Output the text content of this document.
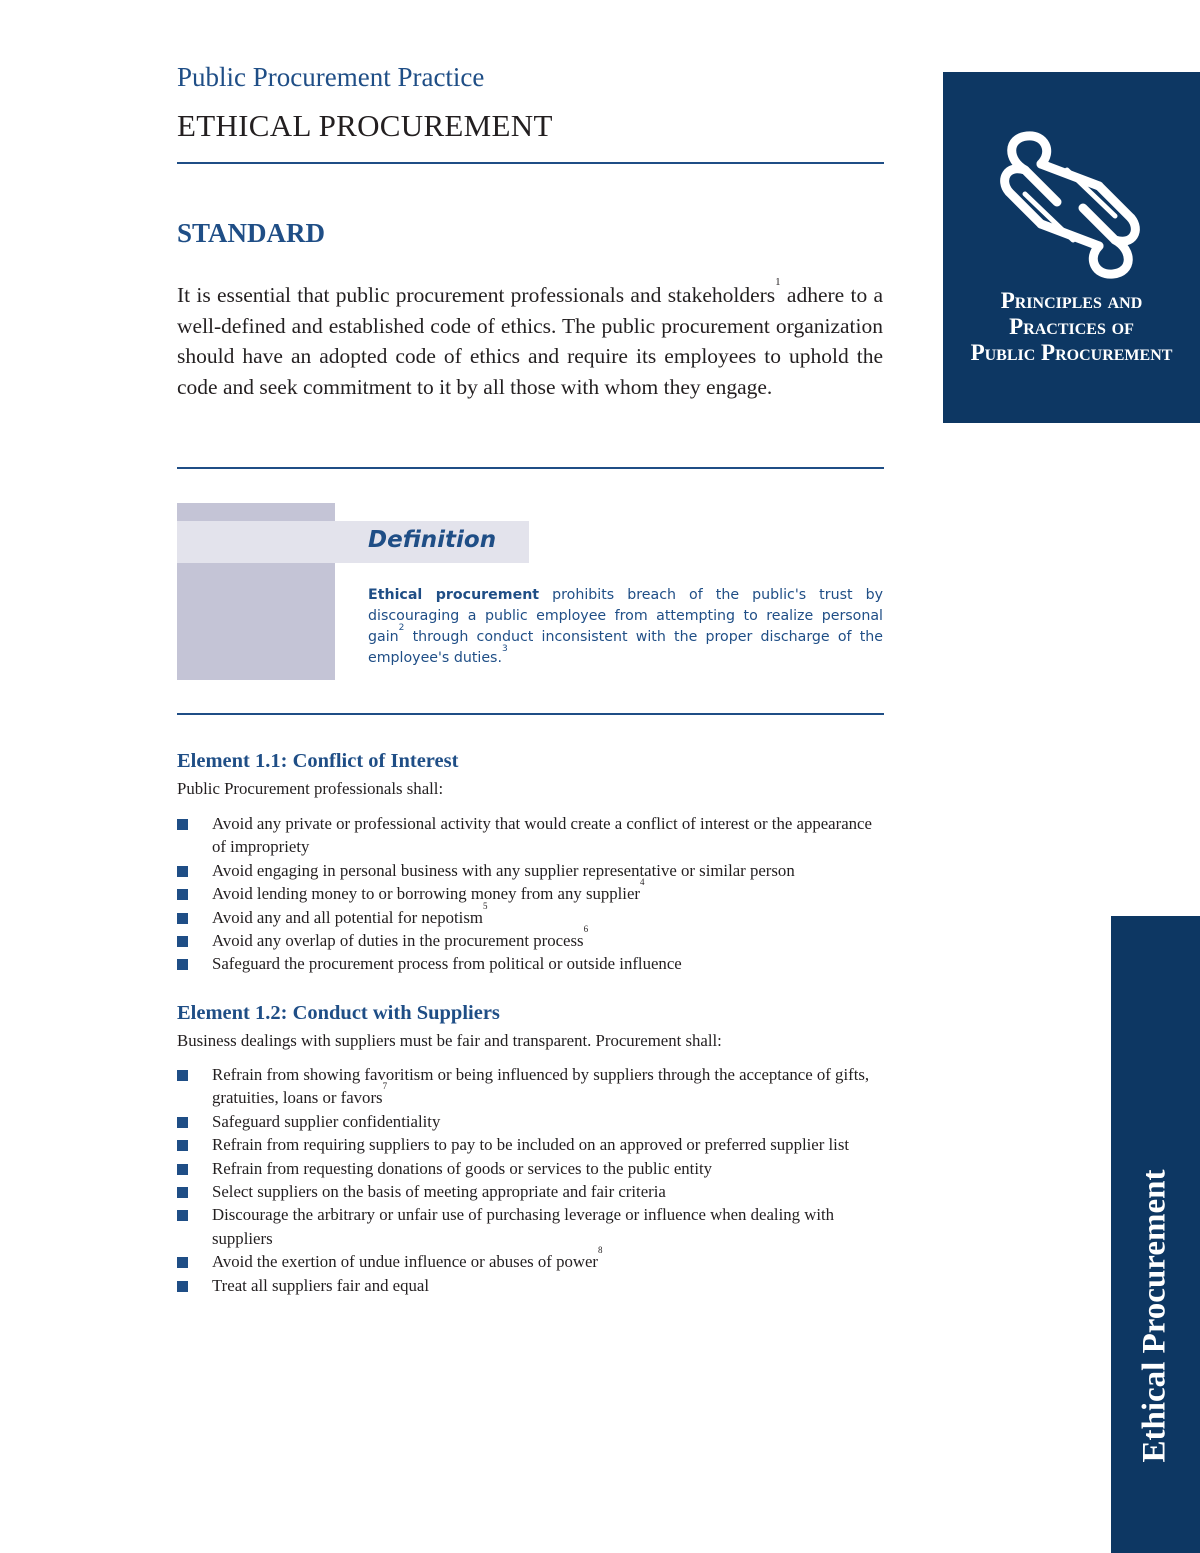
Public Procurement Practice
ETHICAL PROCUREMENT
Principles and
Practices of
Public Procurement
STANDARD
It is essential that public procurement professionals and stakeholders$^1$ adhere to a well-defined and established code of ethics. The public procurement organization should have an adopted code of ethics and require its employees to uphold the code and seek commitment to it by all those with whom they engage.
Definition
Ethical procurement prohibits breach of the public's trust by discouraging a public employee from attempting to realize personal gain$^2$ through conduct inconsistent with the proper discharge of the employee's duties.$^3$
Element 1.1: Conflict of Interest
Public Procurement professionals shall:
Avoid any private or professional activity that would create a conflict of interest or the appearance of impropriety
Avoid engaging in personal business with any supplier representative or similar person
Avoid lending money to or borrowing money from any supplier$^4$
Avoid any and all potential for nepotism$^5$
Avoid any overlap of duties in the procurement process$^6$
Safeguard the procurement process from political or outside influence
Element 1.2: Conduct with Suppliers
Business dealings with suppliers must be fair and transparent. Procurement shall:
Refrain from showing favoritism or being influenced by suppliers through the acceptance of gifts, gratuities, loans or favors$^7$
Safeguard supplier confidentiality
Refrain from requiring suppliers to pay to be included on an approved or preferred supplier list
Refrain from requesting donations of goods or services to the public entity
Select suppliers on the basis of meeting appropriate and fair criteria
Discourage the arbitrary or unfair use of purchasing leverage or influence when dealing with suppliers
Avoid the exertion of undue influence or abuses of power$^8$
Treat all suppliers fair and equal	Ethical Procurement
